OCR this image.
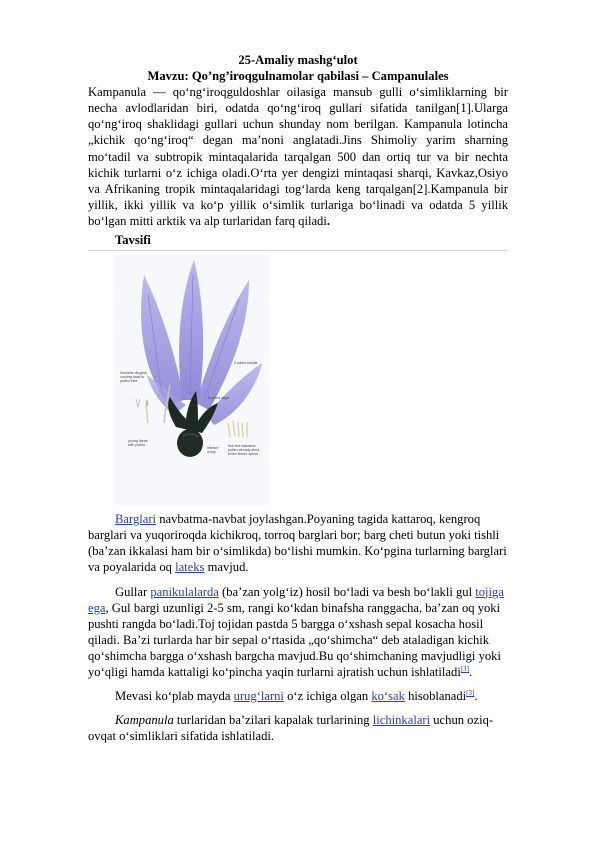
25-Amaliy mashg‘ulot

Mavzu: Qo’ng’iroqgulnamolar qabilasi – Campanulales

Kampanula — qo‘ng‘iroqguldoshlar oilasiga mansub gulli o‘simliklarning bir necha avlodlaridan biri, odatda qo‘ng‘iroq gullari sifatida tanilgan[1].Ularga qo‘ng‘iroq shaklidagi gullari uchun shunday nom berilgan. Kampanula lotincha „kichik qo‘ng‘iroq“ degan ma’noni anglatadi.Jins Shimoliy yarim sharning mo‘tadil va subtropik mintaqalarida tarqalgan 500 dan ortiq tur va bir nechta kichik turlarni o‘z ichiga oladi.O‘rta yer dengizi mintaqasi sharqi, Kavkaz,Osiyo va Afrikaning tropik mintaqalaridagi tog‘larda keng tarqalgan[2].Kampanula bir yillik, ikki yillik va ko‘p yillik o‘simlik turlariga bo‘linadi va odatda 5 yillik bo‘lgan mitti arktik va alp turlaridan farq qiladi.

Tavsifi

Sinkleite dfugma curving back to pollen thee
5 lobed carolla
5-lobed calyx
young thene with pollen
inferior ovary
five free stamens pollen already shed when flower opens

Barglari navbatma-navbat joylashgan.Poyaning tagida kattaroq, kengroq barglari va yuqoriroqda kichikroq, torroq barglari bor; barg cheti butun yoki tishli (ba’zan ikkalasi ham bir o‘simlikda) bo‘lishi mumkin. Ko‘pgina turlarning barglari va poyalarida oq lateks mavjud.

Gullar panikulalarda (ba’zan yolg‘iz) hosil bo‘ladi va besh bo‘lakli gul tojiga ega, Gul bargi uzunligi 2-5 sm, rangi ko‘kdan binafsha ranggacha, ba’zan oq yoki pushti rangda bo‘ladi.Toj tojidan pastda 5 bargga o‘xshash sepal kosacha hosil qiladi. Ba’zi turlarda har bir sepal o‘rtasida „qo‘shimcha“ deb ataladigan kichik qo‘shimcha bargga o‘xshash bargcha mavjud.Bu qo‘shimchaning mavjudligi yoki yo‘qligi hamda kattaligi ko‘pincha yaqin turlarni ajratish uchun ishlatiladi[3].

Mevasi ko‘plab mayda urug‘larni o‘z ichiga olgan ko‘sak hisoblanadi[3].

Kampanula turlaridan ba’zilari kapalak turlarining lichinkalari uchun oziq-ovqat o‘simliklari sifatida ishlatiladi.
